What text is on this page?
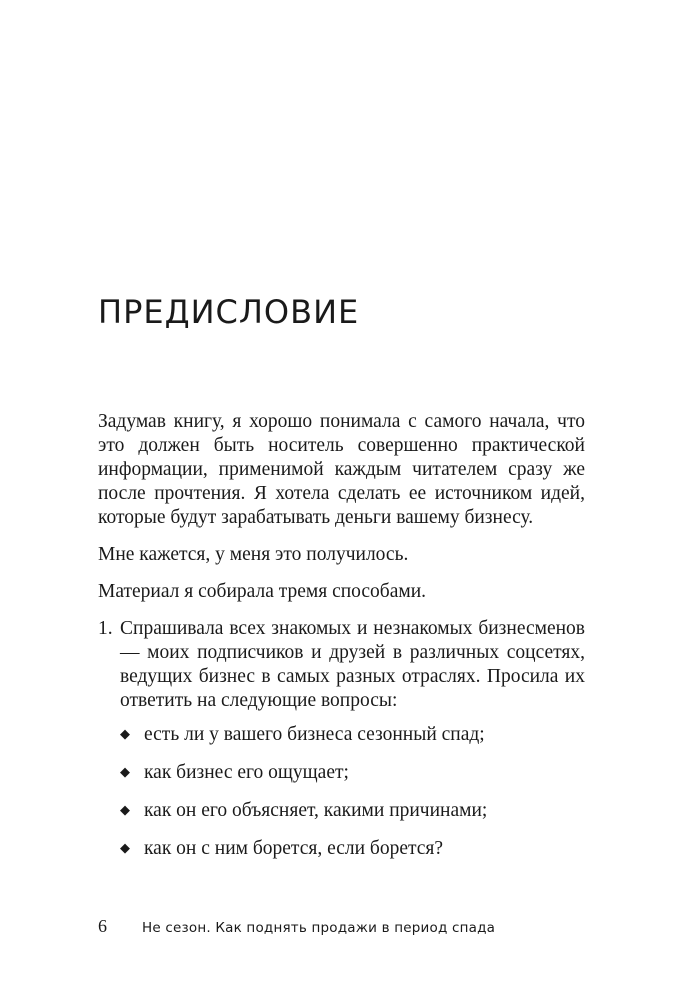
ПРЕДИСЛОВИЕ

Задумав книгу, я хорошо понимала с самого начала, что это должен быть носитель совершенно практической информации, применимой каждым читателем сразу же после прочтения. Я хотела сделать ее источником идей, которые будут зарабатывать деньги вашему бизнесу.

Мне кажется, у меня это получилось.

Материал я собирала тремя способами.

1. Спрашивала всех знакомых и незнакомых бизнесменов — моих подписчиков и друзей в различных соцсетях, ведущих бизнес в самых разных отраслях. Просила их ответить на следующие вопросы:
◆ есть ли у вашего бизнеса сезонный спад;
◆ как бизнес его ощущает;
◆ как он его объясняет, какими причинами;
◆ как он с ним борется, если борется?
6	Не сезон. Как поднять продажи в период спада
